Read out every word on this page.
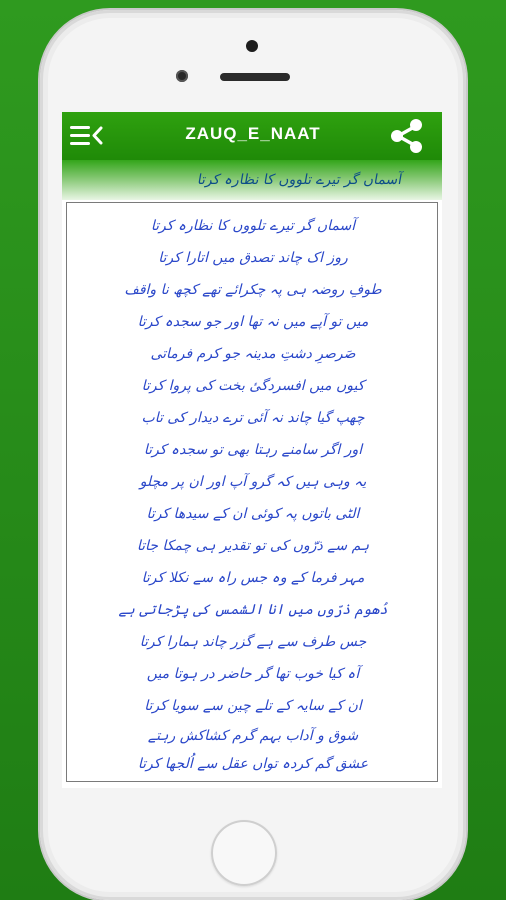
ZAUQ_E_NAAT
آسماں گر تیرے تلووں کا نظارہ کرتا
آسماں گر تیرے تلووں کا نظارہ کرتا
روز اک چاند تصدق میں اتارا کرتا
طوفِ روضہ ہی پہ چکرائے تھے کچھ نا واقف
میں تو آپے میں نہ تھا اور جو سجدہ کرتا
صَرصرِ دشتِ مدینہ جو کرم فرماتی
کیوں میں افسردگیٔ بخت کی پروا کرتا
چھپ گیا چاند نہ آئی ترے دیدار کی تاب
اور اگر سامنے رہتا بھی تو سجدہ کرتا
یہ وہی ہیں کہ گرو آپ اور ان پر مچلو
الٹی باتوں پہ کوئی ان کے سیدھا کرتا
ہم سے ذرّوں کی تو تقدیر ہی چمکا جاتا
مہر فرما کے وہ جس راہ سے نکلا کرتا
دُھوم ذرّوں میں انا الشمس کی پڑجاتی ہے
جس طرف سے ہے گزر چاند ہمارا کرتا
آہ کیا خوب تھا گر حاضر در ہوتا میں
ان کے سایہ کے تلے چین سے سویا کرتا
شوق و آداب بہم گرم کشاکش رہتے
عشق گم کردہ تواں عقل سے اُلجھا کرتا
